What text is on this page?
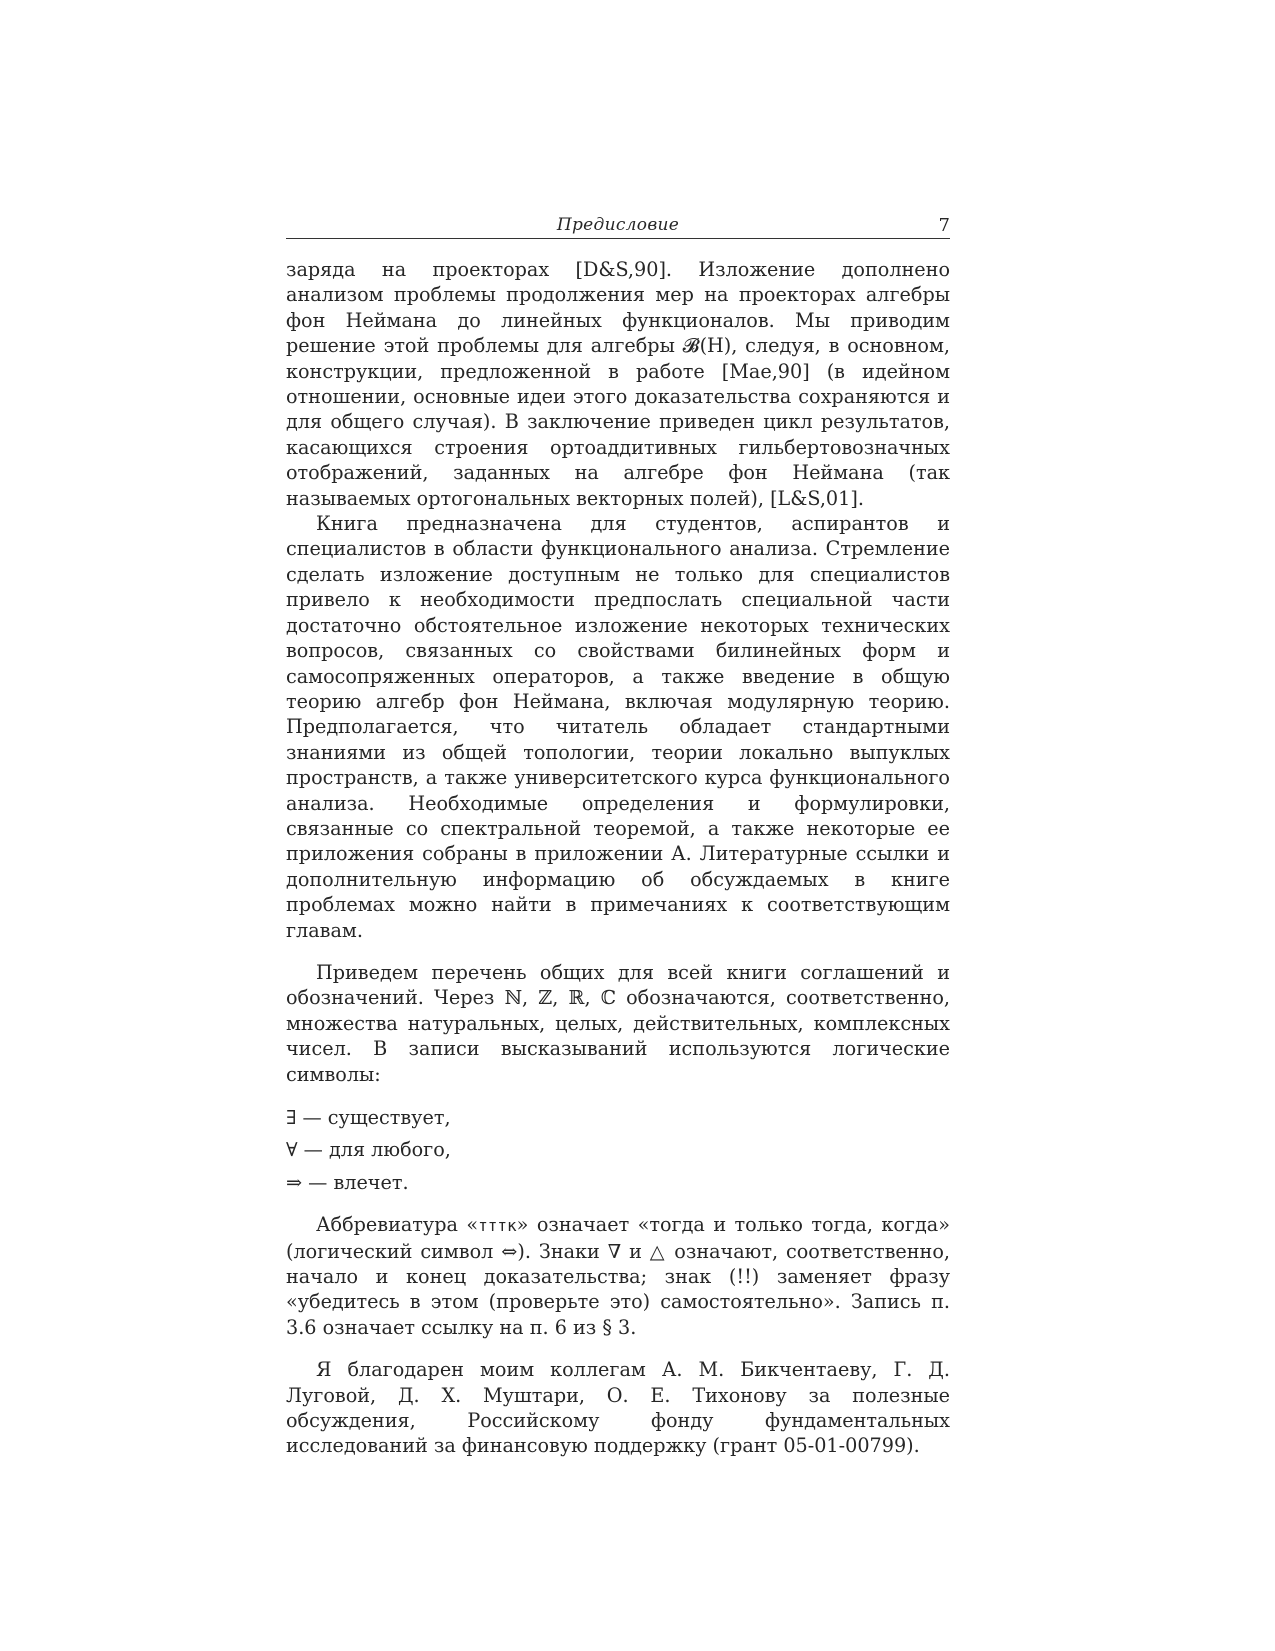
Предисловие	7

заряда на проекторах [D&S,90]. Изложение дополнено анализом проблемы продолжения мер на проекторах алгебры фон Неймана до линейных функционалов. Мы приводим решение этой проблемы для алгебры 𝓑(H), следуя, в основном, конструкции, предложенной в работе [Mae,90] (в идейном отношении, основные идеи этого доказательства сохраняются и для общего случая). В заключение приведен цикл результатов, касающихся строения ортоаддитивных гильбертовозначных отображений, заданных на алгебре фон Неймана (так называемых ортогональных векторных полей), [L&S,01].

Книга предназначена для студентов, аспирантов и специалистов в области функционального анализа. Стремление сделать изложение доступным не только для специалистов привело к необходимости предпослать специальной части достаточно обстоятельное изложение некоторых технических вопросов, связанных со свойствами билинейных форм и самосопряженных операторов, а также введение в общую теорию алгебр фон Неймана, включая модулярную теорию. Предполагается, что читатель обладает стандартными знаниями из общей топологии, теории локально выпуклых пространств, а также университетского курса функционального анализа. Необходимые определения и формулировки, связанные со спектральной теоремой, а также некоторые ее приложения собраны в приложении А. Литературные ссылки и дополнительную информацию об обсуждаемых в книге проблемах можно найти в примечаниях к соответствующим главам.

Приведем перечень общих для всей книги соглашений и обозначений. Через ℕ, ℤ, ℝ, ℂ обозначаются, соответственно, множества натуральных, целых, действительных, комплексных чисел. В записи высказываний используются логические символы:

∃ — существует,
∀ — для любого,
⇒ — влечет.

Аббревиатура «тттк» означает «тогда и только тогда, когда» (логический символ ⇔). Знаки ∇ и △ означают, соответственно, начало и конец доказательства; знак (!!) заменяет фразу «убедитесь в этом (проверьте это) самостоятельно». Запись п. 3.6 означает ссылку на п. 6 из § 3.

Я благодарен моим коллегам А. М. Бикчентаеву, Г. Д. Луговой, Д. Х. Муштари, О. Е. Тихонову за полезные обсуждения, Российскому фонду фундаментальных исследований за финансовую поддержку (грант 05-01-00799).
